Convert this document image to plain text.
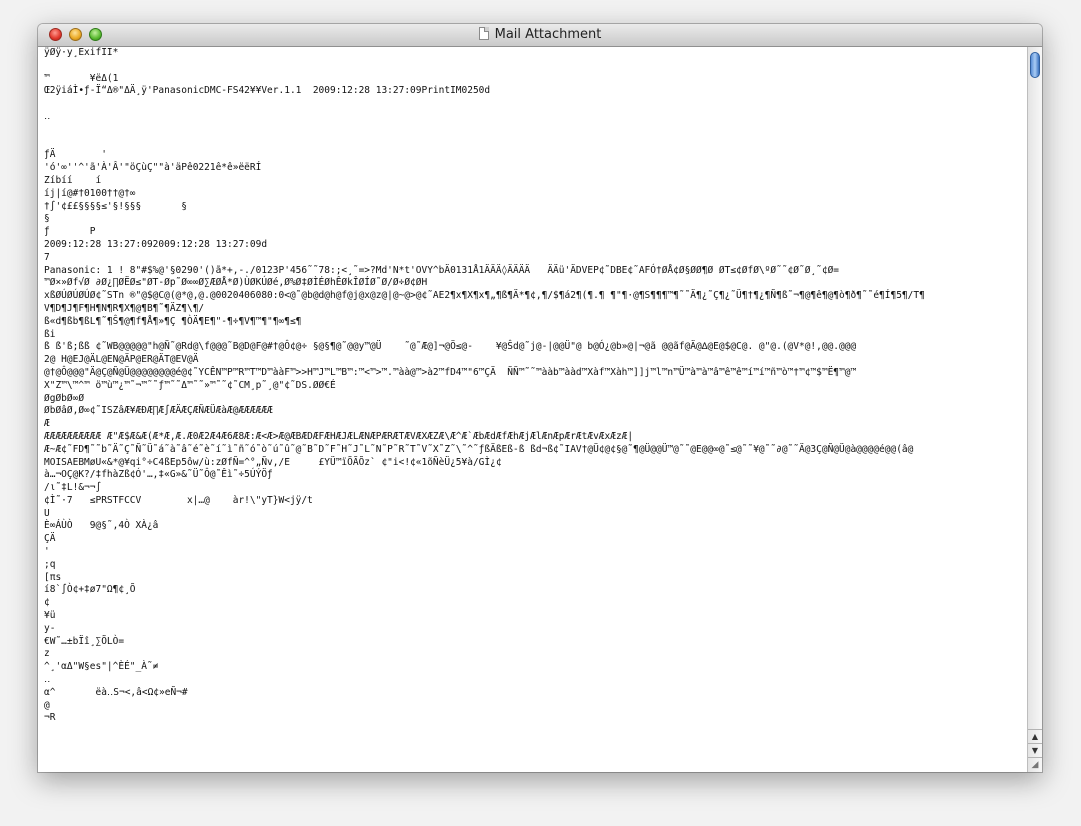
Mail Attachment
ÿØÿ·y¸ExifII*

™       ¥ëΔ(1
Œ2ÿiáÌ•ƒ-Ï“Δ®"ΔÄ¸ÿ'PanasonicDMC-FS42¥¥Ver.1.1  2009:12:28 13:27:09PrintIM0250d

‥

ƒÄ        '
'ó'∞''^'ã'À'Â'"öÇùÇ""à'äPê0221ê*ê»ëëRÍ
Zíbíí    í
íj|í@#†0100††@†∞
†∫'¢££§§§§≤'§!§§§       §
§
ƒ       P
2009:12:28 13:27:092009:12:28 13:27:09d
7
Panasonic: 1 ! 8"#$%@'§0290'()ã*+,-./0123P'456˜˜78:;<¸˜=>?Md'N*t'OVY^bÄ0131Å1ÄÄÄ◊ÄÄÄÄ   ÄÄü'ÄDVEP¢˜DBE¢˜AFÓ†ØÅ¢Ø§ØØ¶Ø ØT≤¢ØfØ\ºØ˜˜¢Ø˜Ø¸˜¢Ø=
™Ø×»Øf√Ø ∂Ø¿∏ØËØ≤"ØT-Øp˜Ø∞∞Ø∑ÆØÅ*Ø)ÙØKÚØé,Ø%Ø‡ØÌÉØhÊØkÎØÍØ˜Ø/Ø÷Ø¢ØH
xßØÚØÚØÚØ¢˜STn ®"@$@C@(@*@,@.@0020406080:0<@˜@b@d@h@f@j@x@z@|@~@>@¢˜AE2¶x¶X¶x¶„¶ß¶Ä*¶¢,¶/$¶á2¶(¶.¶ ¶"¶·@¶S¶¶¶™¶˜˜Ä¶¿˜Ç¶¿˜Ü¶†¶¿¶Ñ¶ß˜¬¶@¶ê¶@¶ò¶ð¶˜˜é¶Í¶5¶/T¶
V¶D¶J¶F¶H¶N¶R¶X¶@¶B¶˜¶ÄZ¶\¶/
ß«d¶ßb¶ßL¶˜¶Ŝ¶@¶f¶Å¶»¶Ç ¶ÒÄ¶E¶"-¶÷¶V¶™¶"¶∞¶≤¶
ßi
ß ß'ß;ßß ¢˜WB@@@@@"h@Ñ˜@Rd@\f@@@˜B@D@F@#†@Ô¢@÷ §@§¶@˜@@y™@Ü    ˜@˜Æ@]¬@Ö≤@-    ¥@Ŝd@˜j@-|@@Ü"@ b@Ó¿@b»@|¬@ã @@ãf@Ä@∆@E@$@C@. @"@.(@V*@!,@@.@@@
2@ H@EJ@ÄL@EN@ÄP@ER@ÄT@EV@Ä
@†@Ô@@@"Ä@Ç@Ñ@Ü@@@@@@@@é@¢˜YCÊN™P™R™T™D™ààF™>>H™J™L™B™:™<™>™.™àà@™>à2™fD4™"6™ÇÄ  ÑÑ™˜˜™ààb™ààd™Xàf™Xàh™]]j™l™n™Ü™à™à™â™ê™ê™í™í™ñ™ò™†™¢™$™Ë¶™@™
X"Z™\™^™ ö™ù™¿™˜¬™˜˜ƒ™˜˜Δ™˜˜»™˜˜¢˜CM¸p˜¸@"¢˜DS.ØØ€É
ØgØbØ∞Ø
ØbØâØ,Ø∞¢˜ISZâÆ¥ÆÐÆ∏Æ∫ÆÄÆÇÆÑÆÜÆàÆ@ÆÆÆÆÆÆ
Æ
ÆÆÆÆÆÆÆÆÆÆ Æ"Æ$Æ&Æ(Æ*Æ,Æ.Æ0Æ2Æ4Æ6Æ8Æ:Æ<Æ>Æ@ÆBÆDÆFÆHÆJÆLÆNÆPÆRÆTÆVÆXÆZÆ\Æ^Æ`ÆbÆdÆfÆhÆjÆlÆnÆpÆrÆtÆvÆxÆzÆ|
Æ~Æ¢˜FD¶˜˜b˜Ä˜Ç˜Ñ˜Ü˜á˜à˜â˜é˜è˜í˜ì˜ñ˜ó˜ò˜ú˜û˜@˜B˜D˜F˜H˜J˜L˜N˜P˜R˜T˜V˜X˜Z˜\˜^˜ƒßÄßEß-ß ßd¬ß¢˜IAV†@Ü¢@¢§@˜¶@Ü@@Ü™@˜˜@E@@∞@˜≤@˜˜¥@˜˜∂@˜˜Ä@3Ç@Ñ@Ü@à@@@@é@@(â@
MOISAEBMøU«&*@¥qi°÷C4ßEp5ôw/ù:zØfÑ=^°„Ñv,/E     £YÜ™ïÕÃÕz` ¢"i<!¢«1õÑèÜ¿5¥à/GÌ¿¢
à…¬OÇ@K?/‡fhàZß¢Ó'…,‡«G»&˜Ü˜Ô@˜Êì˜÷5ÚÝÖƒ
/ι˜‡L!&¬¬∫
¢Ì˜·7   ≤PRSTFCCV        x|…@    àr!\"yT}W<jÿ/t
U
È∞ÁÙÒ   9@§˜,4Ò XÀ¿â
ÇÄ
'
;q
[πs
í8`∫Ò¢+‡ø7"Ω¶¢¸Õ
¢
¥ü
y-
€W˜…±bÏî¸∑ÕLÒ=
z
^¸'αΔ"W§es"|^ÈÉ"_À˜≠
‥
α^       ëà‥S¬<,â<Ω¢»eÑ¬#
@
¬R

▲
▼
◢
